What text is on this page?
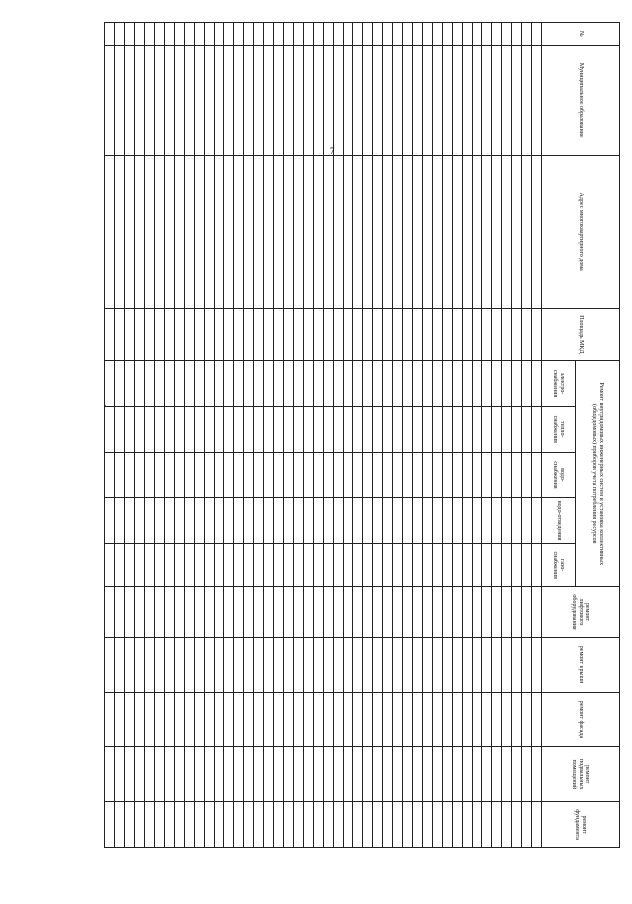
7
.
№	Муниципальное образование	Адрес многоквартирного дома	Площадь МКД	Ремонт внутридомовых инженерных систем и установка коллективных (общедомовых) приборов учета потребления ресурсов					ремонт лифтового оборудования	ремонт крыши	ремонт фасада	ремонт подвальных помещений	ремонт фундамента
				электро-снабжения	тепло-снабжения	водо-снабжения	водо-отведения	газо-снабжения					
